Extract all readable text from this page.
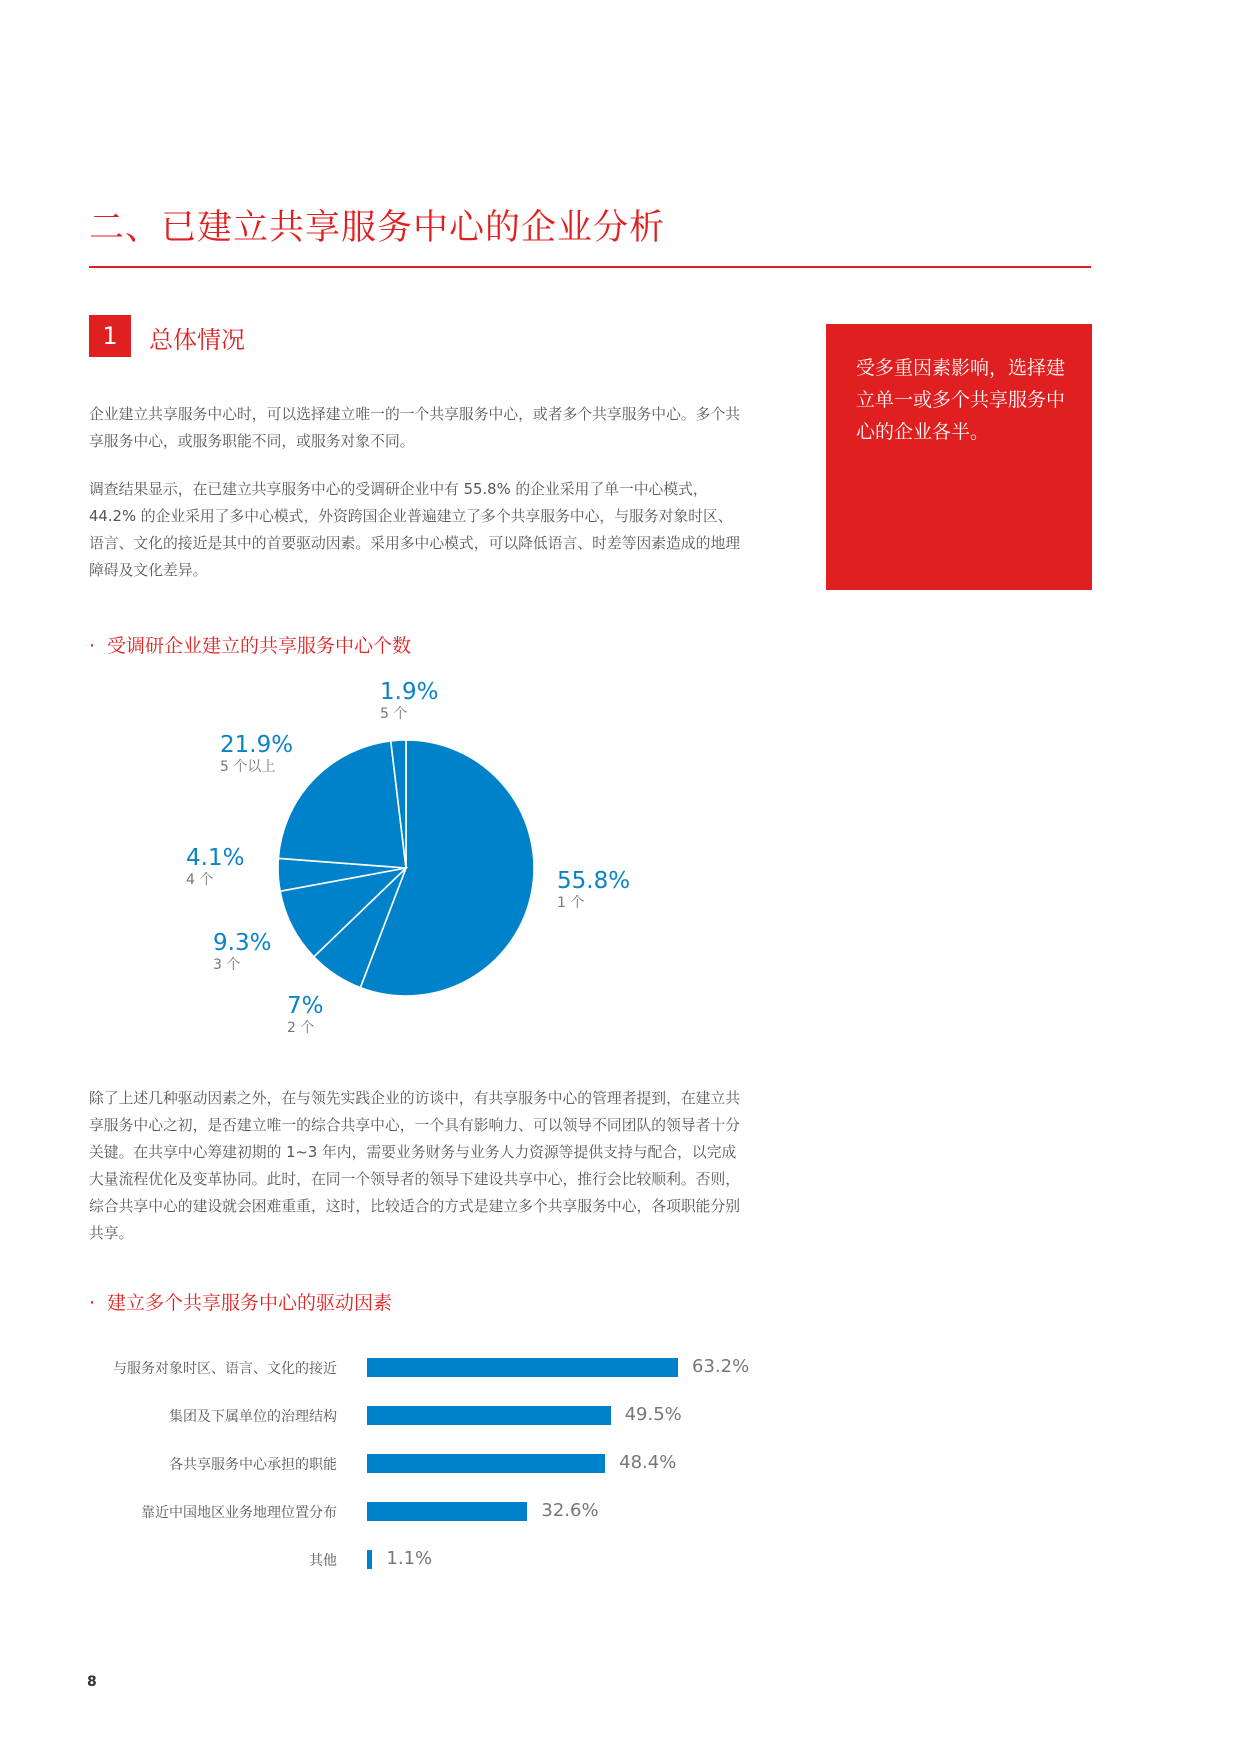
二、已建立共享服务中心的企业分析
1	总体情况
受多重因素影响，选择建立单一或多个共享服务中心的企业各半。
企业建立共享服务中心时，可以选择建立唯一的一个共享服务中心，或者多个共享服务中心。多个共享服务中心，或服务职能不同，或服务对象不同。
调查结果显示，在已建立共享服务中心的受调研企业中有 55.8% 的企业采用了单一中心模式，44.2% 的企业采用了多中心模式，外资跨国企业普遍建立了多个共享服务中心，与服务对象时区、语言、文化的接近是其中的首要驱动因素。采用多中心模式，可以降低语言、时差等因素造成的地理障碍及文化差异。
· 受调研企业建立的共享服务中心个数
55.8%
1 个
7%
2 个
9.3%
3 个
4.1%
4 个
21.9%
5 个以上
1.9%
5 个
除了上述几种驱动因素之外，在与领先实践企业的访谈中，有共享服务中心的管理者提到，在建立共享服务中心之初，是否建立唯一的综合共享中心，一个具有影响力、可以领导不同团队的领导者十分关键。在共享中心筹建初期的 1~3 年内，需要业务财务与业务人力资源等提供支持与配合，以完成大量流程优化及变革协同。此时，在同一个领导者的领导下建设共享中心，推行会比较顺利。否则，综合共享中心的建设就会困难重重，这时，比较适合的方式是建立多个共享服务中心，各项职能分别共享。
· 建立多个共享服务中心的驱动因素
与服务对象时区、语言、文化的接近	63.2%
集团及下属单位的治理结构	49.5%
各共享服务中心承担的职能	48.4%
靠近中国地区业务地理位置分布	32.6%
其他	1.1%
8
